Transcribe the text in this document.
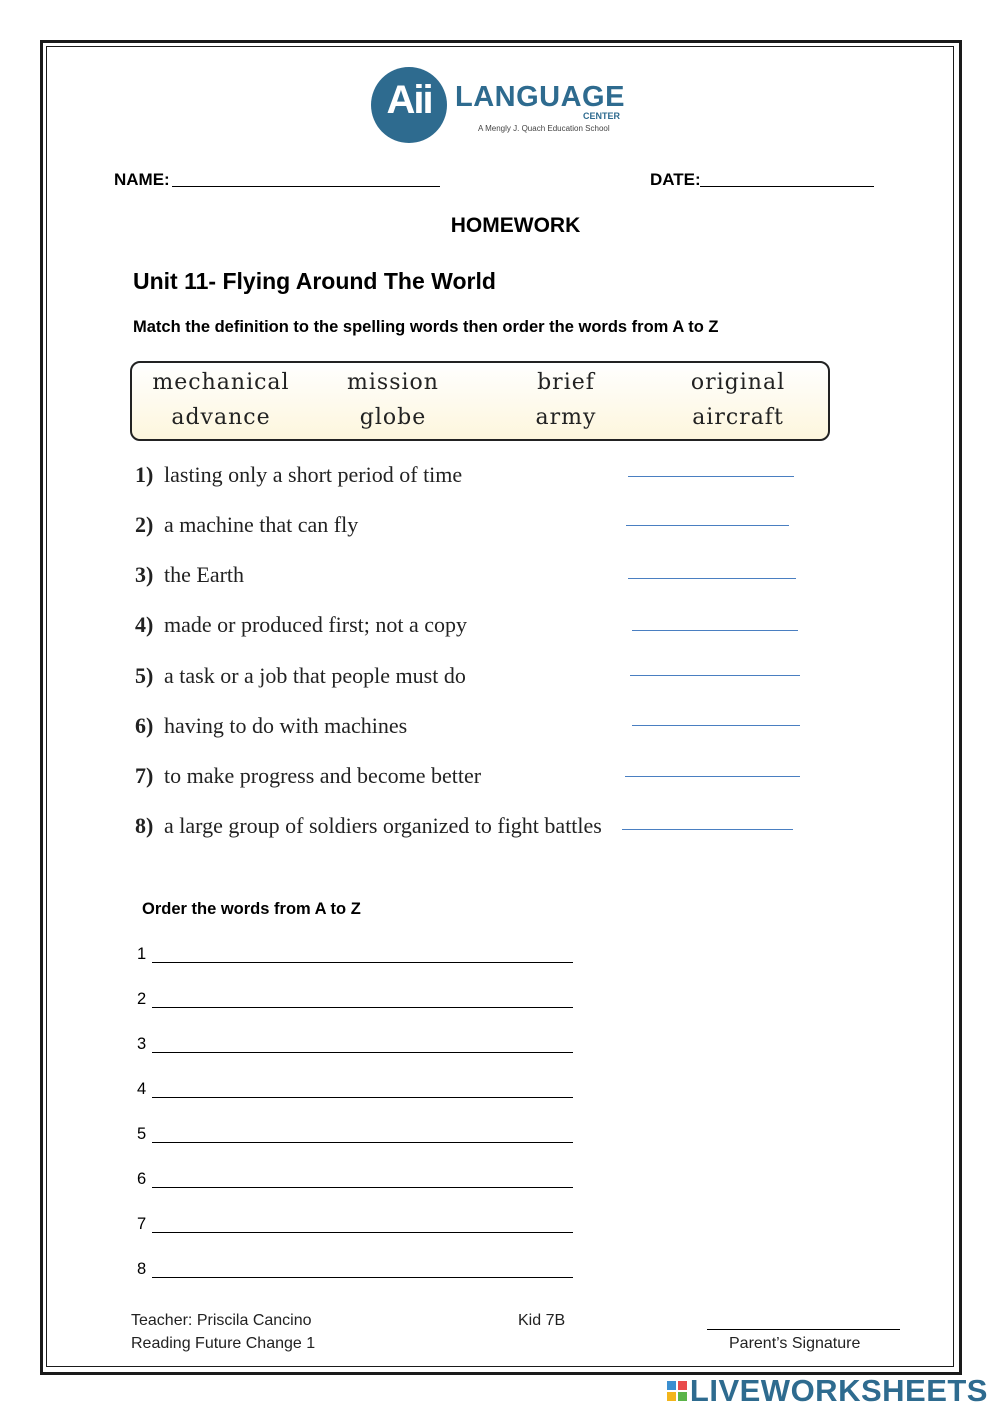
Aii LANGUAGE
CENTER
A Mengly J. Quach Education School
NAME:	DATE:
HOMEWORK
Unit 11- Flying Around The World
Match the definition to the spelling words then order the words from A to Z
mechanical	mission	brief	original
advance	globe	army	aircraft
1) lasting only a short period of time
2) a machine that can fly
3) the Earth
4) made or produced first; not a copy
5) a task or a job that people must do
6) having to do with machines
7) to make progress and become better
8) a large group of soldiers organized to fight battles
Order the words from A to Z
1
2
3
4
5
6
7
8
Teacher: Priscila Cancino
Reading Future Change 1
Kid 7B
Parent’s Signature
LIVEWORKSHEETS
